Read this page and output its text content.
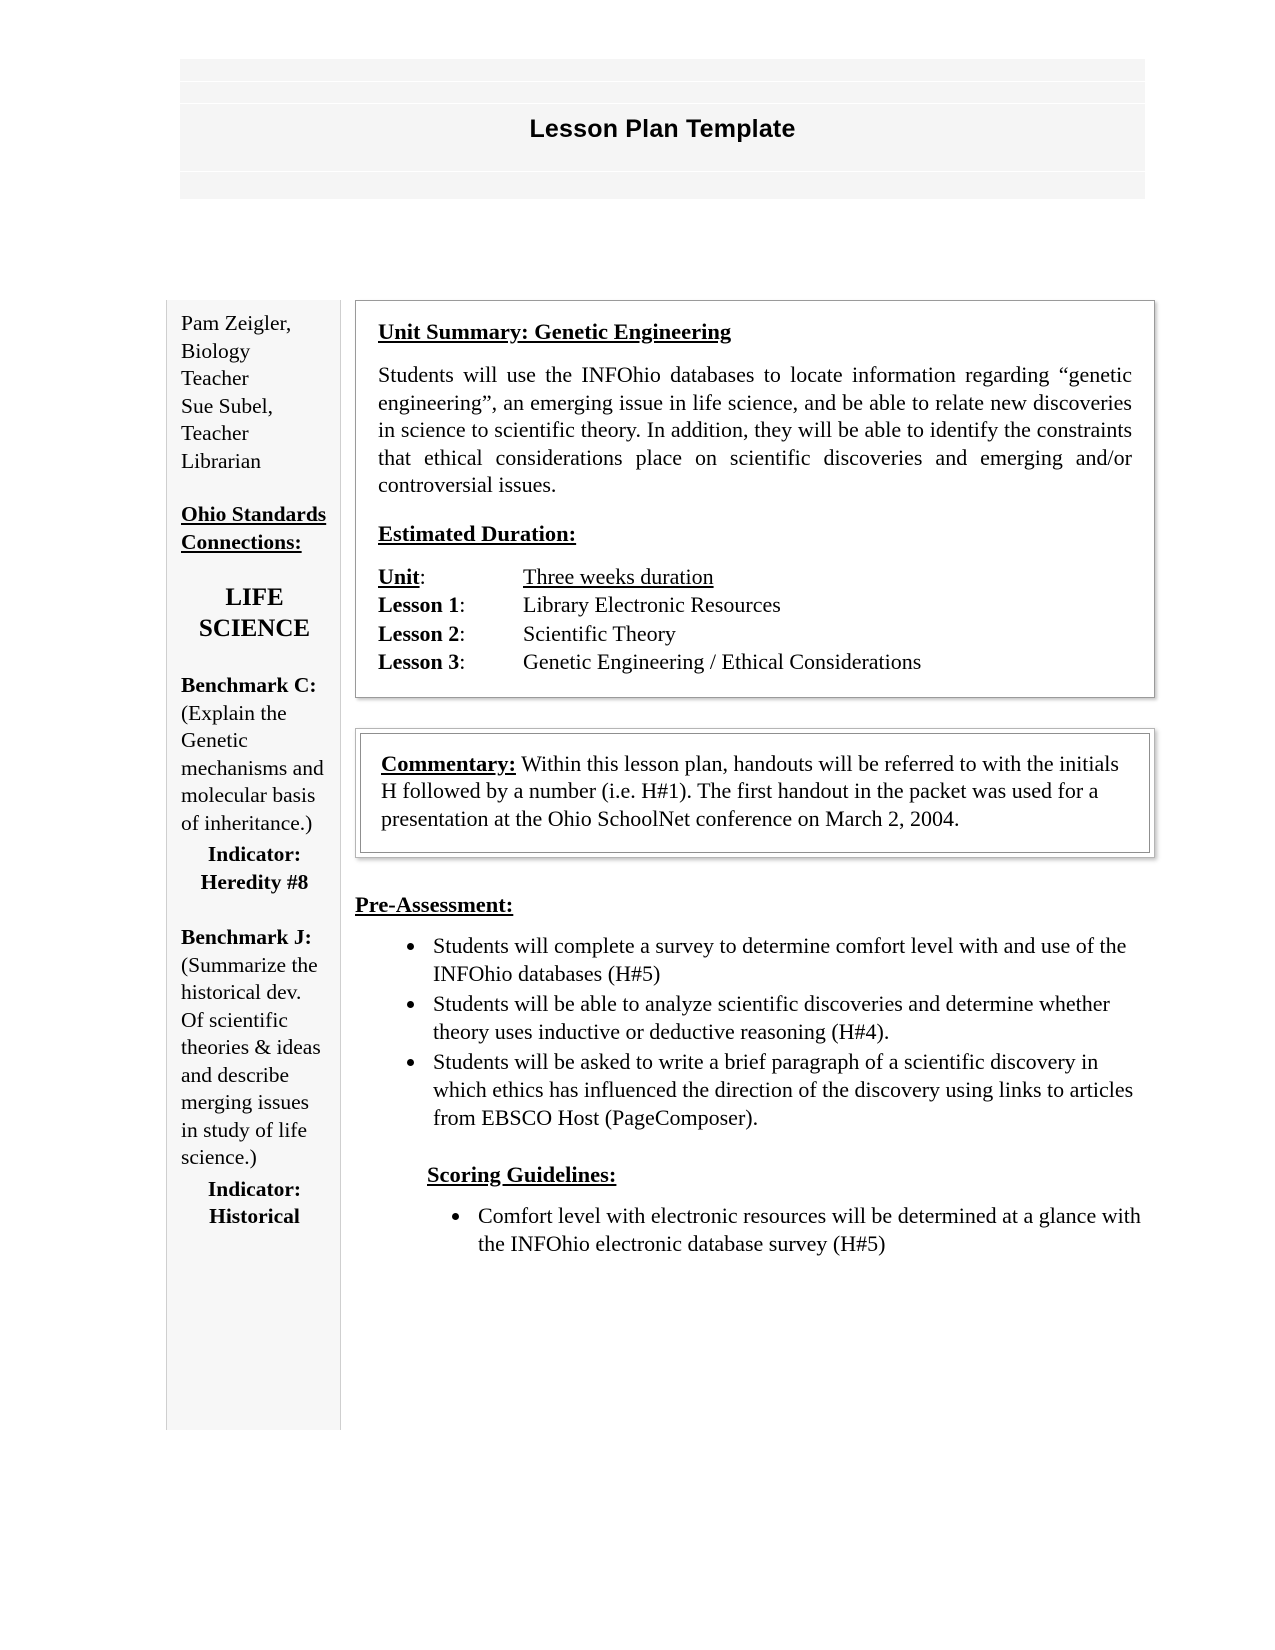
Lesson Plan Template
Pam Zeigler,
Biology
Teacher
Sue Subel,
Teacher
Librarian
Ohio Standards Connections:
LIFE SCIENCE
Benchmark C: (Explain the Genetic mechanisms and molecular basis of inheritance.)
Indicator: Heredity #8
Benchmark J: (Summarize the historical dev. Of scientific theories & ideas and describe merging issues in study of life science.)
Indicator: Historical
Unit Summary: Genetic Engineering

Students will use the INFOhio databases to locate information regarding “genetic engineering”, an emerging issue in life science, and be able to relate new discoveries in science to scientific theory. In addition, they will be able to identify the constraints that ethical considerations place on scientific discoveries and emerging and/or controversial issues.

Estimated Duration:
Unit:	Three weeks duration
Lesson 1:	Library Electronic Resources
Lesson 2:	Scientific Theory
Lesson 3:	Genetic Engineering / Ethical Considerations

Commentary: Within this lesson plan, handouts will be referred to with the initials H followed by a number (i.e. H#1). The first handout in the packet was used for a presentation at the Ohio SchoolNet conference on March 2, 2004.

Pre-Assessment:
• Students will complete a survey to determine comfort level with and use of the INFOhio databases (H#5)
• Students will be able to analyze scientific discoveries and determine whether theory uses inductive or deductive reasoning (H#4).
• Students will be asked to write a brief paragraph of a scientific discovery in which ethics has influenced the direction of the discovery using links to articles from EBSCO Host (PageComposer).
Scoring Guidelines:
• Comfort level with electronic resources will be determined at a glance with the INFOhio electronic database survey (H#5)
